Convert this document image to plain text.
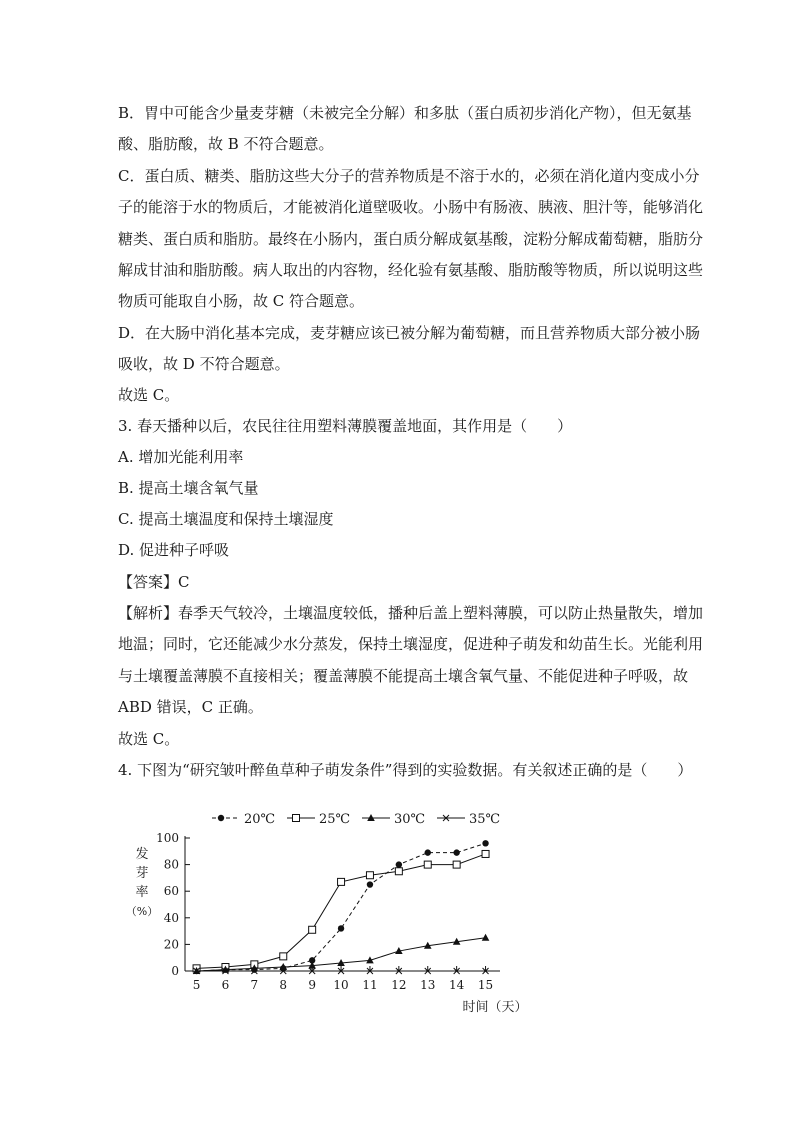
B．胃中可能含少量麦芽糖（未被完全分解）和多肽（蛋白质初步消化产物），但无氨基
酸、脂肪酸，故 B 不符合题意。
C．蛋白质、糖类、脂肪这些大分子的营养物质是不溶于水的，必须在消化道内变成小分
子的能溶于水的物质后，才能被消化道壁吸收。小肠中有肠液、胰液、胆汁等，能够消化
糖类、蛋白质和脂肪。最终在小肠内，蛋白质分解成氨基酸，淀粉分解成葡萄糖，脂肪分
解成甘油和脂肪酸。病人取出的内容物，经化验有氨基酸、脂肪酸等物质，所以说明这些
物质可能取自小肠，故 C 符合题意。
D．在大肠中消化基本完成，麦芽糖应该已被分解为葡萄糖，而且营养物质大部分被小肠
吸收，故 D 不符合题意。
故选 C。
3. 春天播种以后，农民往往用塑料薄膜覆盖地面，其作用是（　　）
A. 增加光能利用率
B. 提高土壤含氧气量
C. 提高土壤温度和保持土壤湿度
D. 促进种子呼吸
【答案】C
【解析】春季天气较冷，土壤温度较低，播种后盖上塑料薄膜，可以防止热量散失，增加
地温；同时，它还能减少水分蒸发，保持土壤湿度，促进种子萌发和幼苗生长。光能利用
与土壤覆盖薄膜不直接相关；覆盖薄膜不能提高土壤含氧气量、不能促进种子呼吸，故
ABD 错误，C 正确。
故选 C。
4. 下图为“研究皱叶醉鱼草种子萌发条件”得到的实验数据。有关叙述正确的是（　　）
0
20
40
60
80
100
5 6 7 8 9 10 11 12 13 14 15
发
芽
率
（%）
时间（天）
20℃	25℃	30℃	35℃
